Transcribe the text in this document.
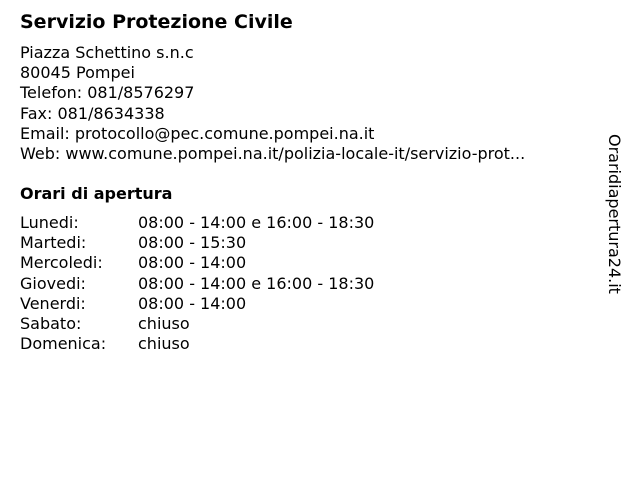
Servizio Protezione Civile
Piazza Schettino s.n.c
80045 Pompei
Telefon: 081/8576297
Fax: 081/8634338
Email: protocollo@pec.comune.pompei.na.it
Web: www.comune.pompei.na.it/polizia-locale-it/servizio-prot...
Orari di apertura
Lunedi:	08:00 - 14:00 e 16:00 - 18:30
Martedi:	08:00 - 15:30
Mercoledi:	08:00 - 14:00
Giovedi:	08:00 - 14:00 e 16:00 - 18:30
Venerdi:	08:00 - 14:00
Sabato:	chiuso
Domenica:	chiuso
Oraridiapertura24.it
